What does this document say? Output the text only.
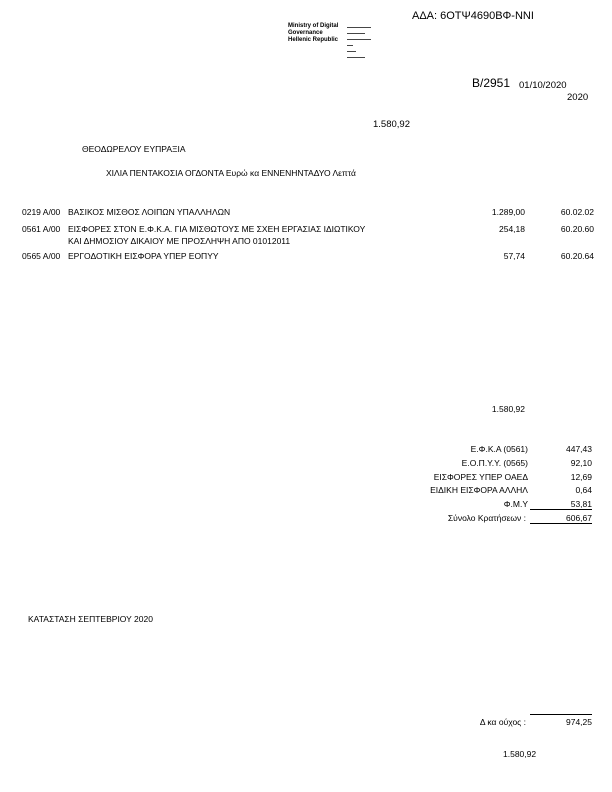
ΑΔΑ: 6ΟΤΨ4690ΒΦ-ΝΝΙ
Ministry of Digital
Governance
Hellenic Republic
▬▬▬▬▬▬▬▬
▬▬▬▬▬▬
▬▬▬▬▬▬▬▬
▬▬
▬▬▬
▬▬▬▬▬▬
Β/2951 01/10/2020
2020
1.580,92
ΘΕΟΔΩΡΕΛΟΥ ΕΥΠΡΑΞΙΑ
ΧΙΛΙΑ ΠΕΝΤΑΚΟΣΙΑ ΟΓΔΟΝΤΑ Ευρώ κα ΕΝΝΕΝΗΝΤΑΔΥΟ Λεπτά
0219 Α/00 ΒΑΣΙΚΟΣ ΜΙΣΘΟΣ ΛΟΙΠΩΝ ΥΠΑΛΛΗΛΩΝ	1.289,00	60.02.02
0561 Α/00 ΕΙΣΦΟΡΕΣ ΣΤΟΝ Ε.Φ.Κ.Α. ΓΙΑ ΜΙΣΘΩΤΟΥΣ ΜΕ ΣΧΕΗ ΕΡΓΑΣΙΑΣ ΙΔΙΩΤΙΚΟΥ
ΚΑΙ ΔΗΜΟΣΙΟΥ ΔΙΚΑΙΟΥ ΜΕ ΠΡΟΣΛΗΨΗ ΑΠΟ 01012011
254,18	60.20.60
0565 Α/00 ΕΡΓΟΔΟΤΙΚΗ ΕΙΣΦΟΡΑ ΥΠΕΡ ΕΟΠΥΥ	57,74	60.20.64
1.580,92
Ε.Φ.Κ.Α (0561)	447,43
Ε.Ο.Π.Υ.Υ. (0565)	92,10
ΕΙΣΦΟΡΕΣ ΥΠΕΡ ΟΑΕΔ	12,69
ΕΙΔΙΚΗ ΕΙΣΦΟΡΑ ΑΛΛΗΛ	0,64
Φ.Μ.Υ	53,81
Σύνολο Κρατήσεων :	606,67
ΚΑΤΑΣΤΑΣΗ ΣΕΠΤΕΒΡΙΟΥ 2020
Δ κα ούχος :	974,25
1.580,92
